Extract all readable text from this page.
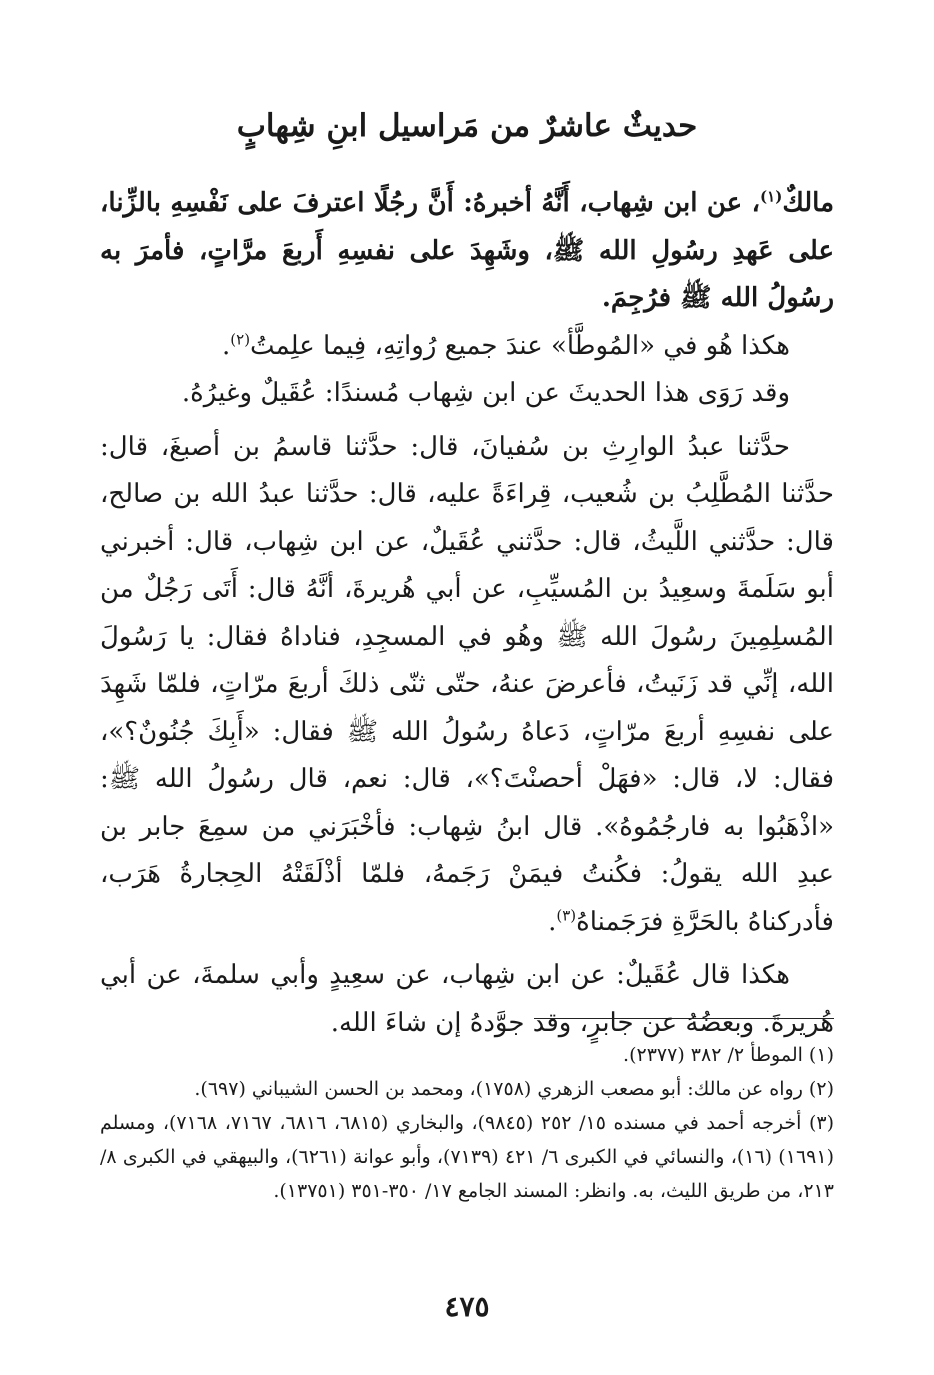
حديثٌ عاشرٌ من مَراسيل ابنِ شِهابٍ

مالكٌ$^{(١)}$، عن ابن شِهاب، أَنَّهُ أخبرهُ: أَنَّ رجُلًا اعترفَ على نَفْسِهِ بالزِّنا، على عَهدِ رسُولِ الله ﷺ، وشَهِدَ على نفسِهِ أَربعَ مرَّاتٍ، فأمرَ به رسُولُ الله ﷺ فرُجِمَ.

هكذا هُو في «المُوطَّأ» عندَ جميع رُواتِهِ، فِيما علِمتُ$^{(٢)}$.

وقد رَوَى هذا الحديثَ عن ابن شِهاب مُسندًا: عُقَيلٌ وغيرُهُ.

حدَّثنا عبدُ الوارِثِ بن سُفيانَ، قال: حدَّثنا قاسمُ بن أصبغَ، قال: حدَّثنا المُطَّلِبُ بن شُعيب، قِراءَةً عليه، قال: حدَّثنا عبدُ الله بن صالح، قال: حدَّثني اللَّيثُ، قال: حدَّثني عُقَيلٌ، عن ابن شِهاب، قال: أخبرني أبو سَلَمةَ وسعِيدُ بن المُسيِّبِ، عن أبي هُريرةَ، أنَّهُ قال: أَتَى رَجُلٌ من المُسلِمِينَ رسُولَ الله ﷺ وهُو في المسجِدِ، فناداهُ فقال: يا رَسُولَ الله، إنِّي قد زَنَيتُ، فأعرضَ عنهُ، حتّى ثنّى ذلكَ أربعَ مرّاتٍ، فلمّا شَهِدَ على نفسِهِ أربعَ مرّاتٍ، دَعاهُ رسُولُ الله ﷺ فقال: «أَبِكَ جُنُونٌ؟»، فقال: لا، قال: «فهَلْ أحصنْتَ؟»، قال: نعم، قال رسُولُ الله ﷺ: «اذْهَبُوا به فارجُمُوهُ». قال ابنُ شِهاب: فأخْبَرَني من سمِعَ جابر بن عبدِ الله يقولُ: فكُنتُ فيمَنْ رَجَمهُ، فلمّا أذْلَقَتْهُ الحِجارةُ هَرَب، فأدركناهُ بالحَرَّةِ فرَجَمناهُ$^{(٣)}$.

هكذا قال عُقَيلٌ: عن ابن شِهاب، عن سعِيدٍ وأبي سلمةَ، عن أبي هُريرةَ. وبعضُهُ عن جابرٍ، وقد جوَّدهُ إن شاءَ الله.

(١) الموطأ ٢/ ٣٨٢ (٢٣٧٧).

(٢) رواه عن مالك: أبو مصعب الزهري (١٧٥٨)، ومحمد بن الحسن الشيباني (٦٩٧).

(٣) أخرجه أحمد في مسنده ١٥/ ٢٥٢ (٩٨٤٥)، والبخاري (٦٨١٥، ٦٨١٦، ٧١٦٧، ٧١٦٨)، ومسلم (١٦٩١) (١٦)، والنسائي في الكبرى ٦/ ٤٢١ (٧١٣٩)، وأبو عوانة (٦٢٦١)، والبيهقي في الكبرى ٨/ ٢١٣، من طريق الليث، به. وانظر: المسند الجامع ١٧/ ٣٥٠-٣٥١ (١٣٧٥١).

٤٧٥
